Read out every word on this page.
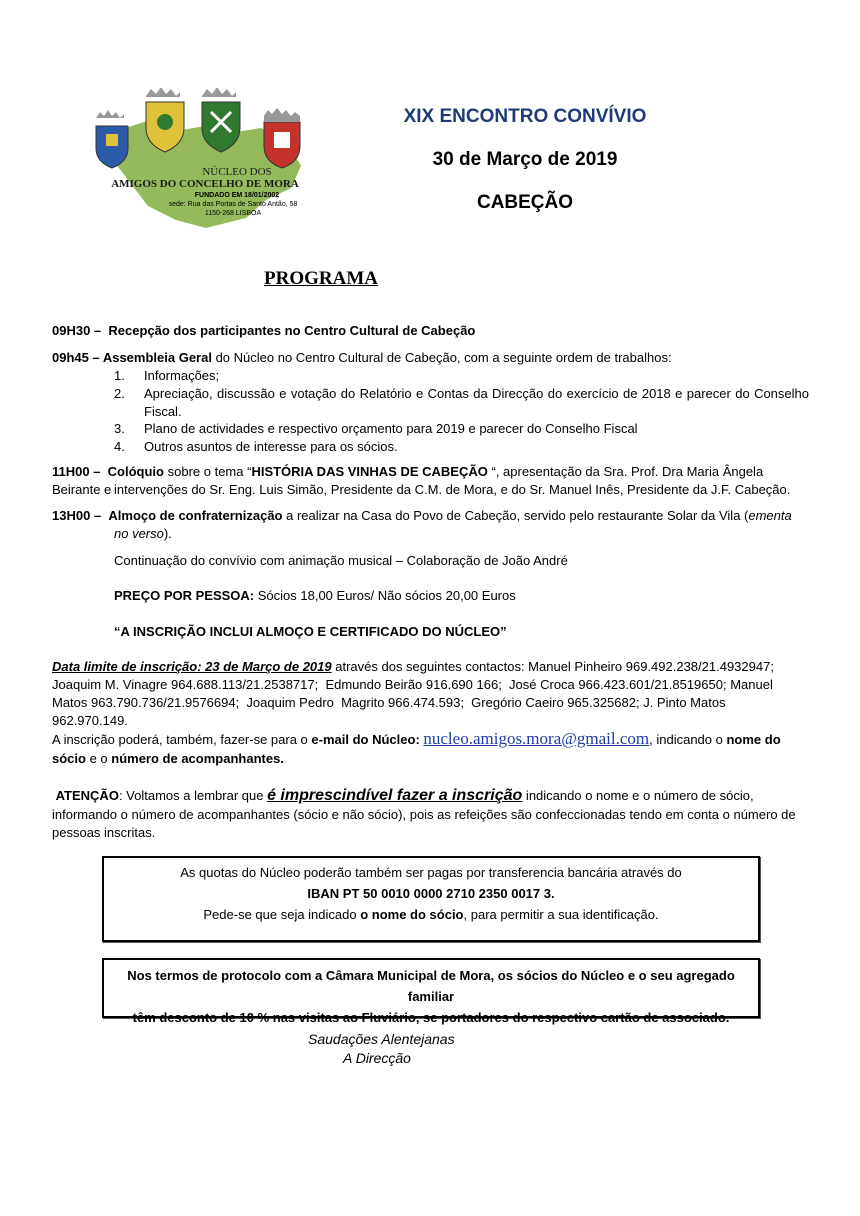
NÚCLEO DOS
AMIGOS DO CONCELHO DE MORA
FUNDADO EM 18/01/2002
sede: Rua das Portas de Santo Antão, 58
1150-268 LISBOA
XIX ENCONTRO CONVÍVIO
30 de Março de 2019
CABEÇÃO
PROGRAMA
09H30 – Recepção dos participantes no Centro Cultural de Cabeção
09h45 – Assembleia Geral do Núcleo no Centro Cultural de Cabeção, com a seguinte ordem de trabalhos:
1.	Informações;
2.	Apreciação, discussão e votação do Relatório e Contas da Direcção do exercício de 2018 e parecer do Conselho Fiscal.
3.	Plano de actividades e respectivo orçamento para 2019 e parecer do Conselho Fiscal
4.	Outros asuntos de interesse para os sócios.
11H00 – Colóquio sobre o tema “HISTÓRIA DAS VINHAS DE CABEÇÃO “, apresentação da Sra. Prof. Dra Maria Ângela Beirante e intervenções do Sr. Eng. Luis Simão, Presidente da C.M. de Mora, e do Sr. Manuel Inês, Presidente da J.F. Cabeção.
13H00 – Almoço de confraternização a realizar na Casa do Povo de Cabeção, servido pelo restaurante Solar da Vila (ementa
no verso).
Continuação do convívio com animação musical – Colaboração de João André
PREÇO POR PESSOA: Sócios 18,00 Euros/ Não sócios 20,00 Euros
“A INSCRIÇÃO INCLUI ALMOÇO E CERTIFICADO DO NÚCLEO”
Data limite de inscrição: 23 de Março de 2019 através dos seguintes contactos: Manuel Pinheiro 969.492.238/21.4932947;
Joaquim M. Vinagre 964.688.113/21.2538717;  Edmundo Beirão 916.690 166;  José Croca 966.423.601/21.8519650; Manuel
Matos 963.790.736/21.9576694;  Joaquim Pedro  Magrito 966.474.593;  Gregório Caeiro 965.325682; J. Pinto Matos
962.970.149.
A inscrição poderá, também, fazer-se para o e-mail do Núcleo: nucleo.amigos.mora@gmail.com, indicando o nome do
sócio e o número de acompanhantes.
ATENÇÃO: Voltamos a lembrar que é imprescindível fazer a inscrição indicando o nome e o número de sócio,
informando o número de acompanhantes (sócio e não sócio), pois as refeições são confeccionadas tendo em conta o número de
pessoas inscritas.
As quotas do Núcleo poderão também ser pagas por transferencia bancária através do
IBAN PT 50 0010 0000 2710 2350 0017 3.
Pede-se que seja indicado o nome do sócio, para permitir a sua identificação.
Nos termos de protocolo com a Câmara Municipal de Mora, os sócios do Núcleo e o seu agregado familiar
têm desconto de 10 % nas visitas ao Fluviário, se portadores do respectivo cartão de associado.
Saudações Alentejanas
A Direcção
